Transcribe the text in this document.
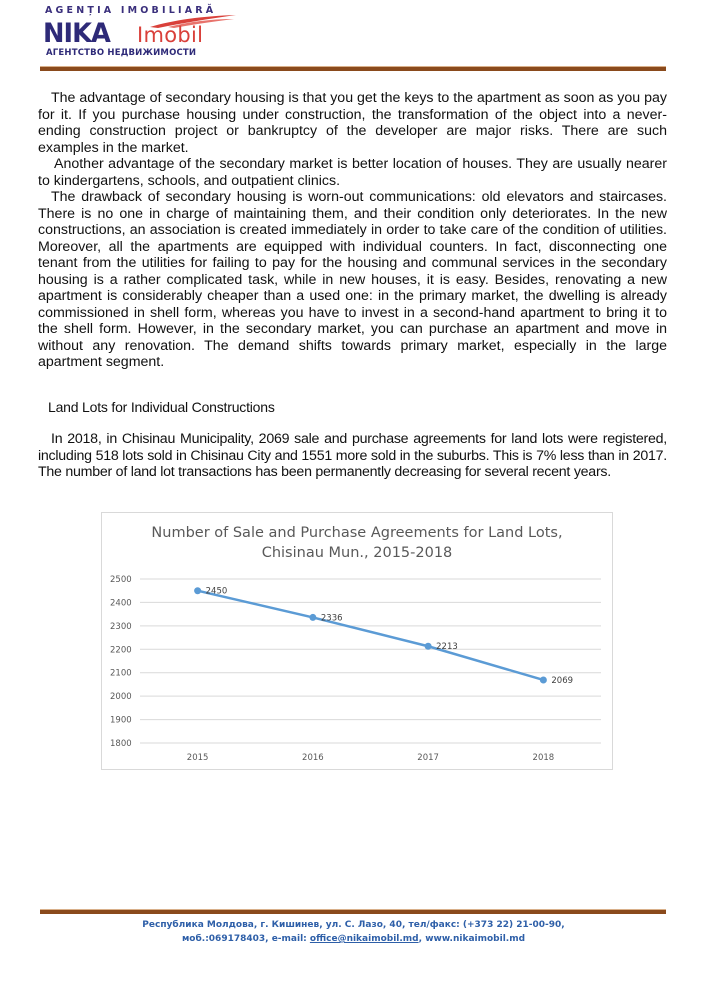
AGENȚIA IMOBILIARĂ
NIKA Imobil
АГЕНТСТВО НЕДВИЖИМОСТИ

The advantage of secondary housing is that you get the keys to the apartment as soon as you pay for it. If you purchase housing under construction, the transformation of the object into a never-ending construction project or bankruptcy of the developer are major risks. There are such examples in the market.

Another advantage of the secondary market is better location of houses. They are usually nearer to kindergartens, schools, and outpatient clinics.

The drawback of secondary housing is worn-out communications: old elevators and staircases. There is no one in charge of maintaining them, and their condition only deteriorates. In the new constructions, an association is created immediately in order to take care of the condition of utilities. Moreover, all the apartments are equipped with individual counters. In fact, disconnecting one tenant from the utilities for failing to pay for the housing and communal services in the secondary housing is a rather complicated task, while in new houses, it is easy. Besides, renovating a new apartment is considerably cheaper than a used one: in the primary market, the dwelling is already commissioned in shell form, whereas you have to invest in a second-hand apartment to bring it to the shell form. However, in the secondary market, you can purchase an apartment and move in without any renovation. The demand shifts towards primary market, especially in the large apartment segment.

Land Lots for Individual Constructions

In 2018, in Chisinau Municipality, 2069 sale and purchase agreements for land lots were registered, including 518 lots sold in Chisinau City and 1551 more sold in the suburbs. This is 7% less than in 2017. The number of land lot transactions has been permanently decreasing for several recent years.

Number of Sale and Purchase Agreements for Land Lots,
Chisinau Mun., 2015-2018
1800
1900
2000
2100
2200
2300
2400
2500
2015	2016	2017	2018
2450
2336
2213
2069
Республика Молдова, г. Кишинев, ул. С. Лазо, 40, тел/факс: (+373 22) 21-00-90,
моб.:069178403, e-mail: office@nikaimobil.md, www.nikaimobil.md
